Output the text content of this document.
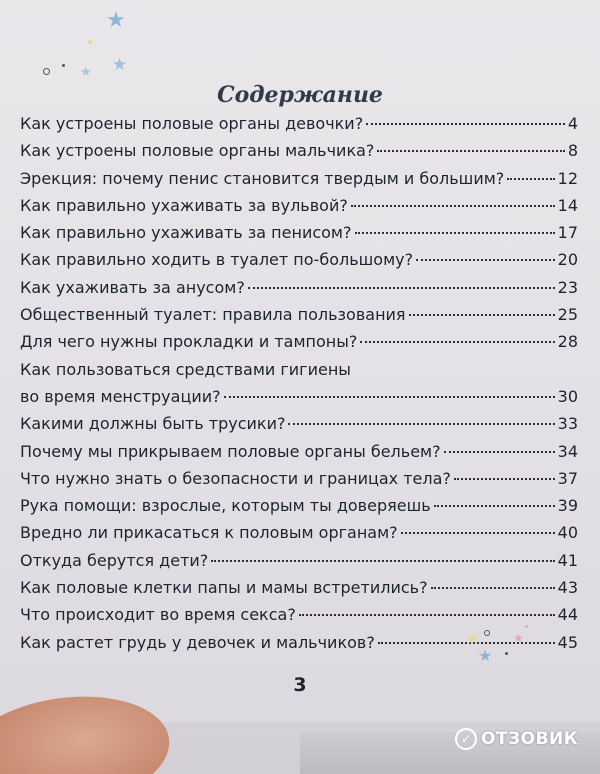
★
★
★
Содержание
Как устроены половые органы девочки?	4
Как устроены половые органы мальчика?	8
Эрекция: почему пенис становится твердым и большим?	12
Как правильно ухаживать за вульвой?	14
Как правильно ухаживать за пенисом?	17
Как правильно ходить в туалет по-большому?	20
Как ухаживать за анусом?	23
Общественный туалет: правила пользования	25
Для чего нужны прокладки и тампоны?	28
Как пользоваться средствами гигиены
во время менструации?	30
Какими должны быть трусики?	33
Почему мы прикрываем половые органы бельем?	34
Что нужно знать о безопасности и границах тела?	37
Рука помощи: взрослые, которым ты доверяешь	39
Вредно ли прикасаться к половым органам?	40
Откуда берутся дети?	41
Как половые клетки папы и мамы встретились?	43
Что происходит во время секса?	44
Как растет грудь у девочек и мальчиков?	45
★
★
★

3

✓ ОТЗОВИК
